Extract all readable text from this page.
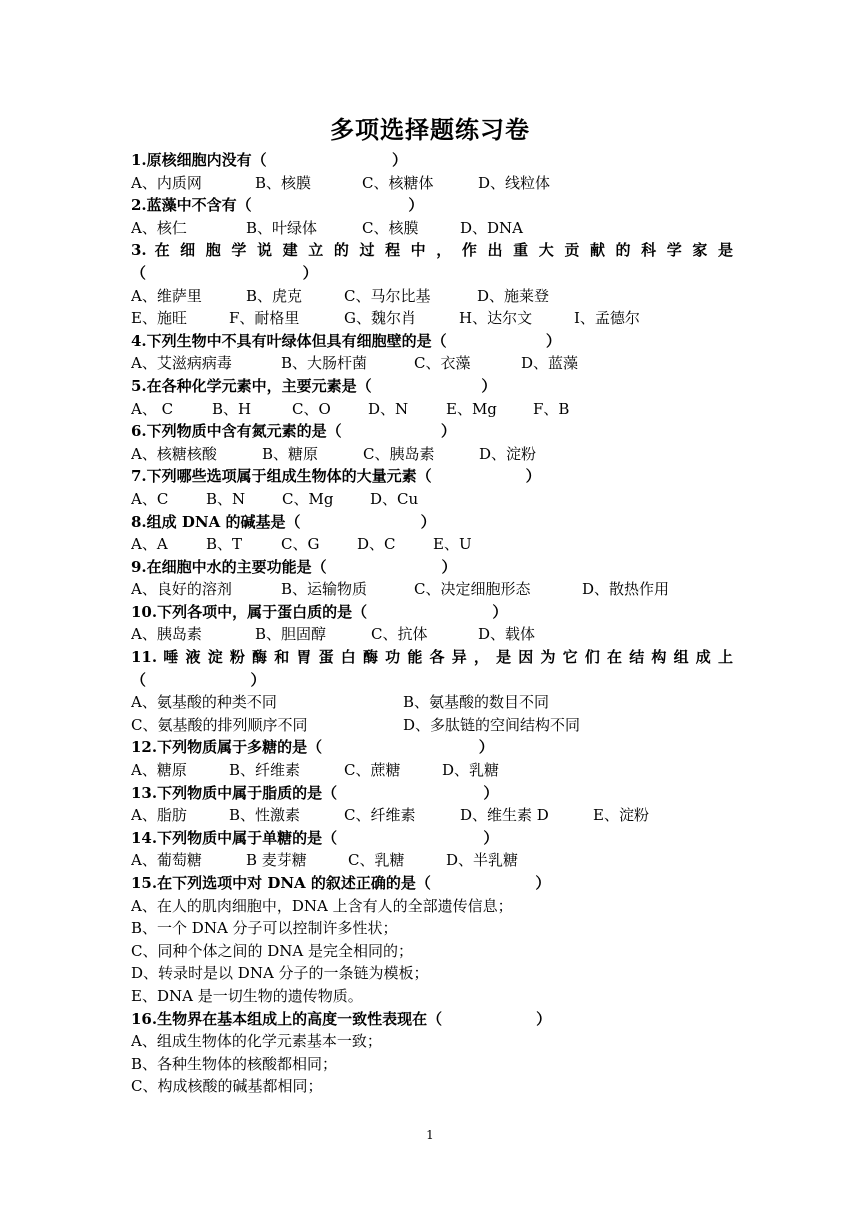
多项选择题练习卷
1.原核细胞内没有（                        ）
A、内质网	B、核膜	C、核糖体	D、线粒体
2.蓝藻中不含有（                              ）
A、核仁	B、叶绿体	C、核膜	D、DNA
3. 在 细 胞 学 说 建 立 的 过 程 中 ， 作 出 重 大 贡 献 的 科 学 家 是
（                              ）
A、维萨里	B、虎克	C、马尔比基	D、施莱登
E、施旺	F、耐格里	G、魏尔肖	H、达尔文	I、孟德尔
4.下列生物中不具有叶绿体但具有细胞壁的是（                   ）
A、艾滋病病毒	B、大肠杆菌	C、衣藻	D、蓝藻
5.在各种化学元素中，主要元素是（                     ）
A、 C	B、H	C、O D、N	E、Mg F、B
6.下列物质中含有氮元素的是（                   ）
A、核糖核酸	B、糖原	C、胰岛素	D、淀粉
7.下列哪些选项属于组成生物体的大量元素（                  ）
A、C	B、N C、Mg D、Cu
8.组成 DNA 的碱基是（                       ）
A、A	B、T	C、G	D、C E、U
9.在细胞中水的主要功能是（                      ）
A、良好的溶剂	B、运输物质	C、决定细胞形态	D、散热作用
10.下列各项中，属于蛋白质的是（                        ）
A、胰岛素	B、胆固醇	C、抗体	D、载体
11. 唾 液 淀 粉 酶 和 胃 蛋 白 酶 功 能 各 异 ， 是 因 为 它 们 在 结 构 组 成 上
（                    ）
A、氨基酸的种类不同	B、氨基酸的数目不同
C、氨基酸的排列顺序不同	D、多肽链的空间结构不同
12.下列物质属于多糖的是（                              ）
A、糖原	B、纤维素	C、蔗糖	D、乳糖
13.下列物质中属于脂质的是（                            ）
A、脂肪	B、性激素	C、纤维素	D、维生素 D	E、淀粉
14.下列物质中属于单糖的是（                            ）
A、葡萄糖	B 麦芽糖	C、乳糖	D、半乳糖
15.在下列选项中对 DNA 的叙述正确的是（                    ）
A、在人的肌肉细胞中，DNA 上含有人的全部遗传信息；
B、一个 DNA 分子可以控制许多性状；
C、同种个体之间的 DNA 是完全相同的；
D、转录时是以 DNA 分子的一条链为模板；
E、DNA 是一切生物的遗传物质。
16.生物界在基本组成上的高度一致性表现在（                  ）
A、组成生物体的化学元素基本一致；
B、各种生物体的核酸都相同；
C、构成核酸的碱基都相同；
1
